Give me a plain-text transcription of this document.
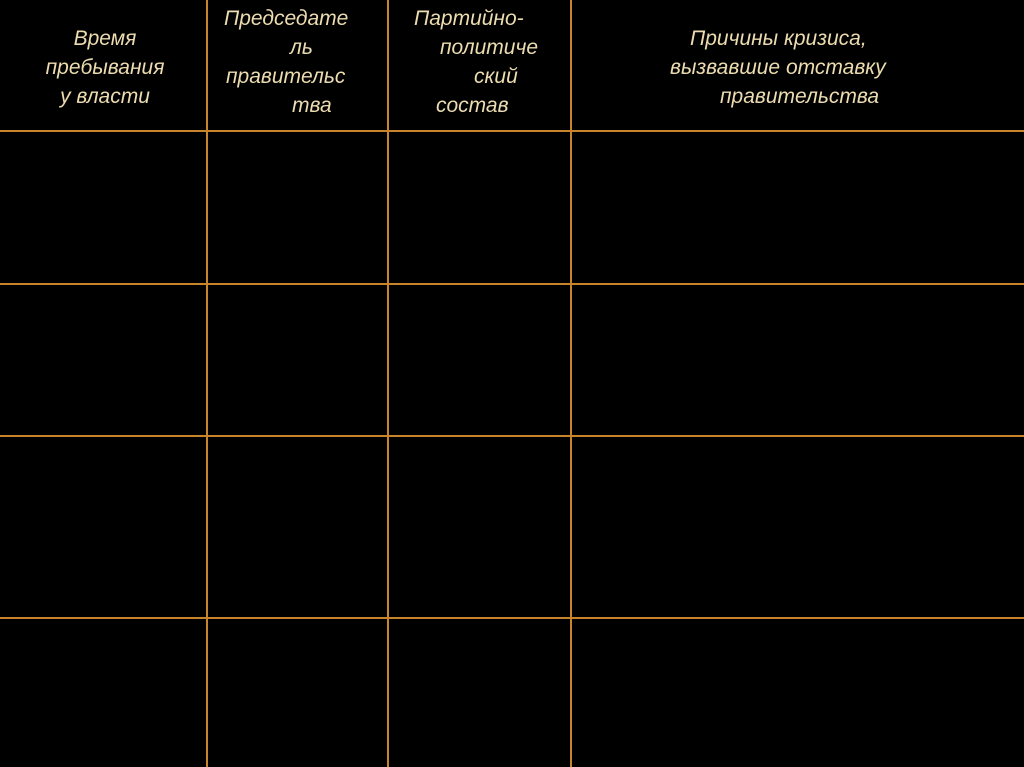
Время
пребывания
у власти
Председате
ль
правительс
тва
Партийно-
политиче
ский
состав
Причины кризиса,
вызвавшие отставку
правительства
